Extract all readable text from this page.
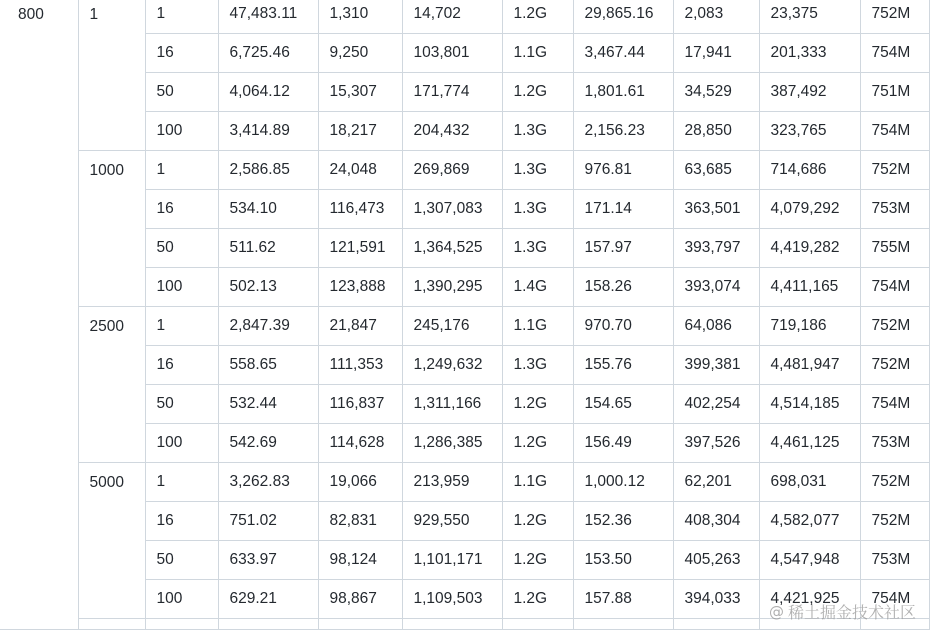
800	1	1	47,483.11	1,310	14,702	1.2G	29,865.16	2,083	23,375	752M
		16	6,725.46	9,250	103,801	1.1G	3,467.44	17,941	201,333	754M
		50	4,064.12	15,307	171,774	1.2G	1,801.61	34,529	387,492	751M
		100	3,414.89	18,217	204,432	1.3G	2,156.23	28,850	323,765	754M
	1000	1	2,586.85	24,048	269,869	1.3G	976.81	63,685	714,686	752M
		16	534.10	116,473	1,307,083	1.3G	171.14	363,501	4,079,292	753M
		50	511.62	121,591	1,364,525	1.3G	157.97	393,797	4,419,282	755M
		100	502.13	123,888	1,390,295	1.4G	158.26	393,074	4,411,165	754M
	2500	1	2,847.39	21,847	245,176	1.1G	970.70	64,086	719,186	752M
		16	558.65	111,353	1,249,632	1.3G	155.76	399,381	4,481,947	752M
		50	532.44	116,837	1,311,166	1.2G	154.65	402,254	4,514,185	754M
		100	542.69	114,628	1,286,385	1.2G	156.49	397,526	4,461,125	753M
	5000	1	3,262.83	19,066	213,959	1.1G	1,000.12	62,201	698,031	752M
		16	751.02	82,831	929,550	1.2G	152.36	408,304	4,582,077	752M
		50	633.97	98,124	1,101,171	1.2G	153.50	405,263	4,547,948	753M
		100	629.21	98,867	1,109,503	1.2G	157.88	394,033	4,421,925	754M

@ 稀土掘金技术社区
